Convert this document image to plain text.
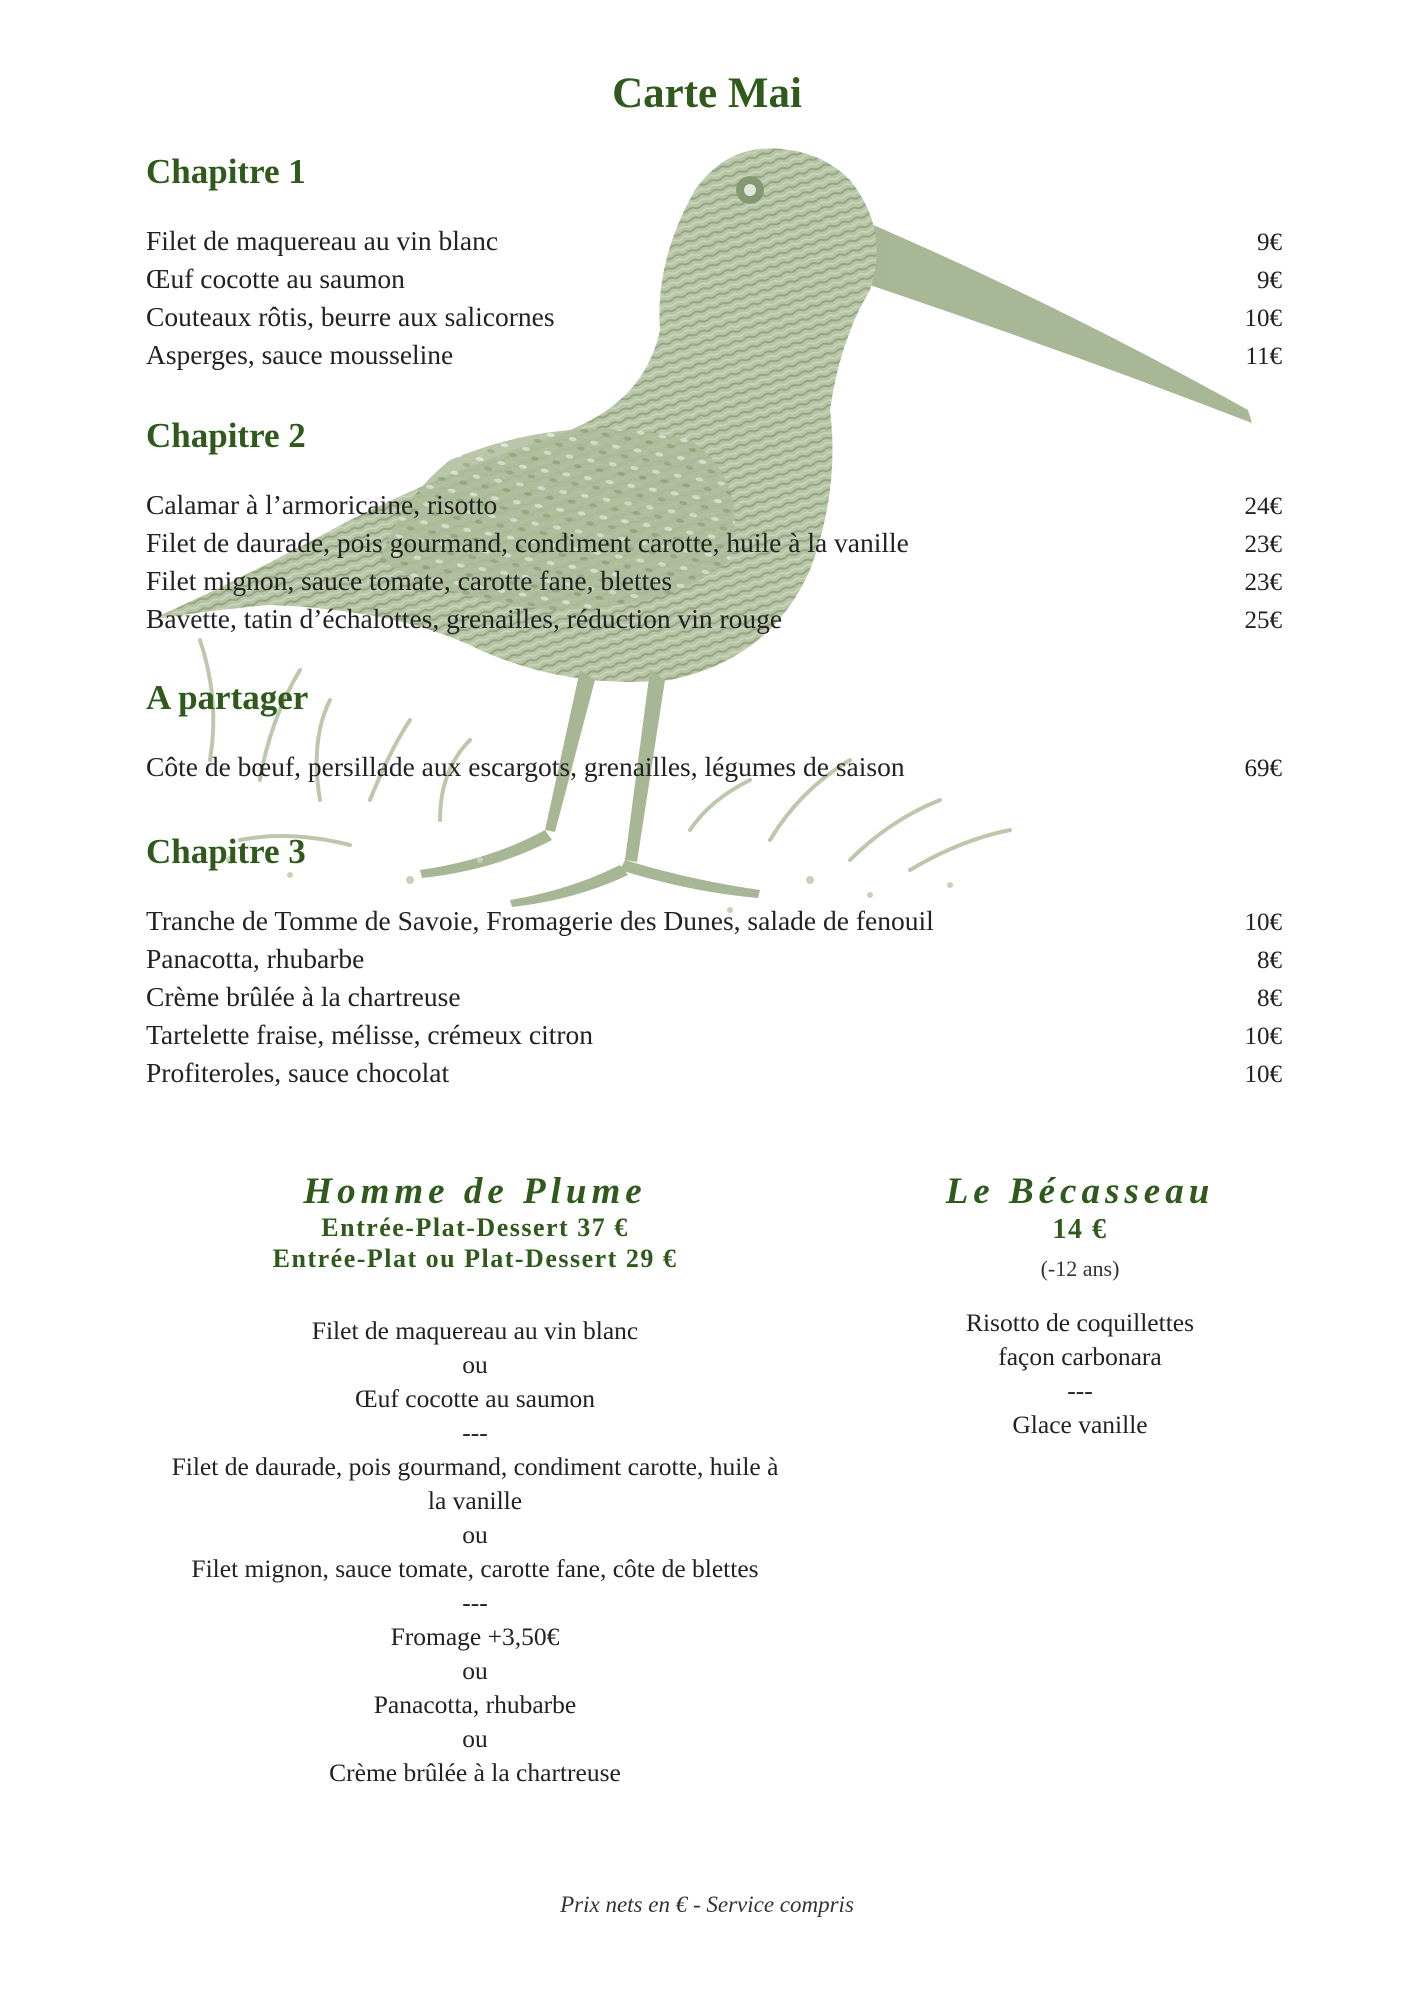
Carte Mai
Chapitre 1
Filet de maquereau au vin blanc	9€
Œuf cocotte au saumon	9€
Couteaux rôtis, beurre aux salicornes	10€
Asperges, sauce mousseline	11€
Chapitre 2
Calamar à l’armoricaine, risotto	24€
Filet de daurade, pois gourmand, condiment carotte, huile à la vanille	23€
Filet mignon, sauce tomate, carotte fane, blettes	23€
Bavette, tatin d’échalottes, grenailles, réduction vin rouge	25€
A partager
Côte de bœuf, persillade aux escargots, grenailles, légumes de saison	69€
Chapitre 3
Tranche de Tomme de Savoie, Fromagerie des Dunes, salade de fenouil	10€
Panacotta, rhubarbe	8€
Crème brûlée à la chartreuse	8€
Tartelette fraise, mélisse, crémeux citron	10€
Profiteroles, sauce chocolat	10€
Homme de Plume

Entrée-Plat-Dessert 37 €

Entrée-Plat ou Plat-Dessert 29 €

Filet de maquereau au vin blanc

ou

Œuf cocotte au saumon

---

Filet de daurade, pois gourmand, condiment carotte, huile à

la vanille

ou

Filet mignon, sauce tomate, carotte fane, côte de blettes

---

Fromage +3,50€

ou

Panacotta, rhubarbe

ou

Crème brûlée à la chartreuse

Le Bécasseau

14 €

(-12 ans)

Risotto de coquillettes

façon carbonara

---

Glace vanille

Prix nets en € - Service compris
